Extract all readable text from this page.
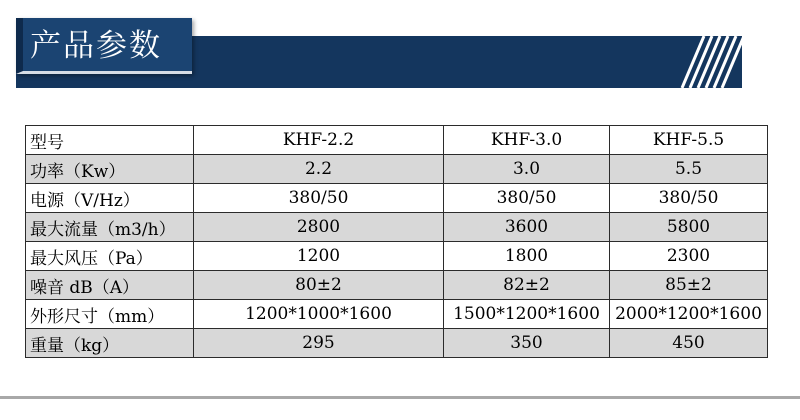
产品参数
型号	KHF-2.2	KHF-3.0	KHF-5.5
功率（Kw）	2.2	3.0	5.5
电源（V/Hz）	380/50	380/50	380/50
最大流量（m3/h）	2800	3600	5800
最大风压（Pa）	1200	1800	2300
噪音 dB（A）	80±2	82±2	85±2
外形尺寸（mm）	1200*1000*1600	1500*1200*1600	2000*1200*1600
重量（kg）	295	350	450
